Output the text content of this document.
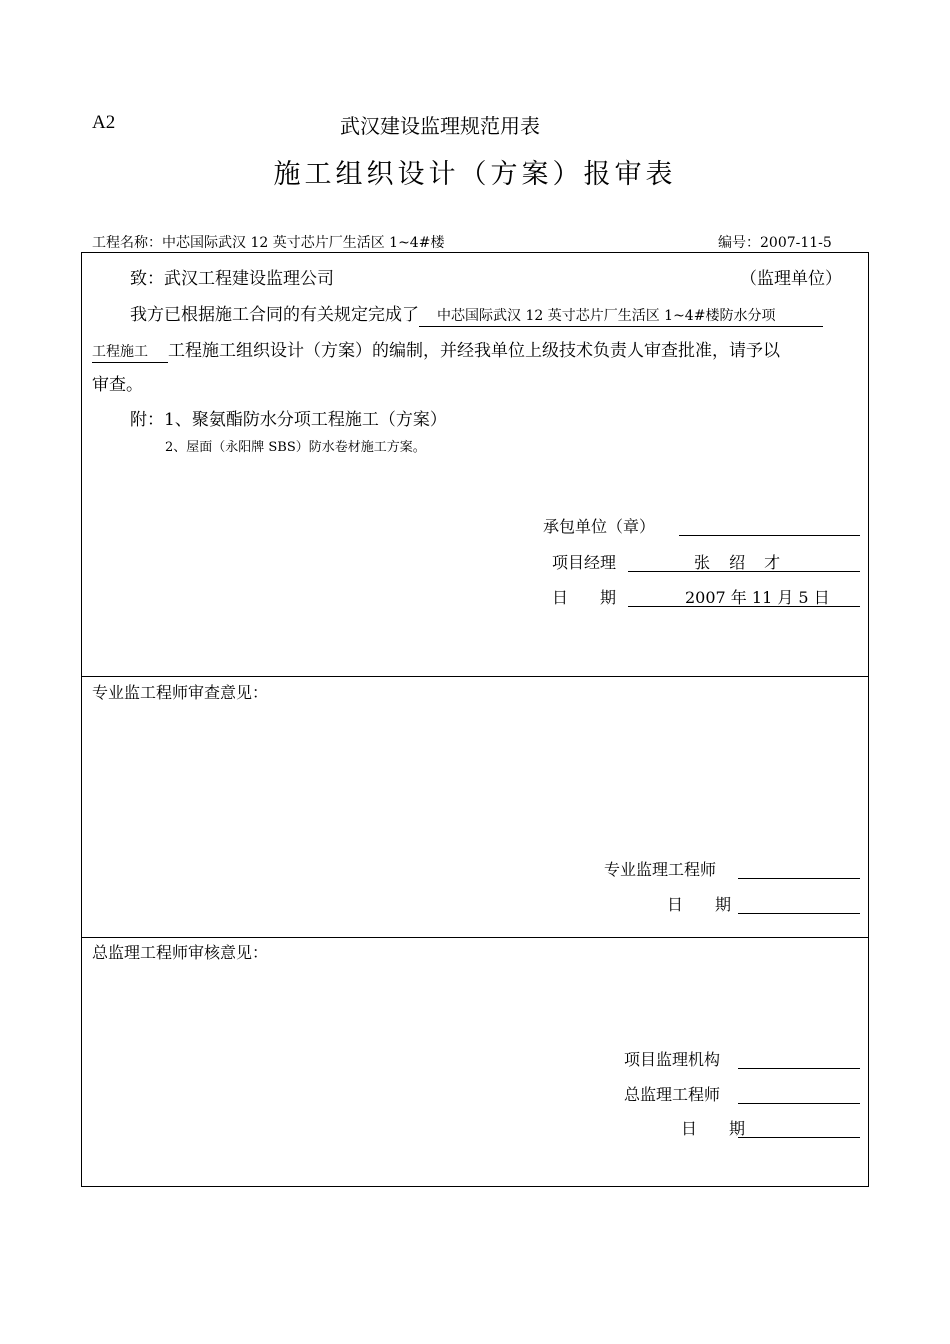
A2	武汉建设监理规范用表
施工组织设计（方案）报审表
工程名称：中芯国际武汉 12 英寸芯片厂生活区 1~4#楼	编号：2007-11-5
致：武汉工程建设监理公司	（监理单位）
我方已根据施工合同的有关规定完成了 中芯国际武汉 12 英寸芯片厂生活区 1~4#楼防水分项
工程施工 工程施工组织设计（方案）的编制，并经我单位上级技术负责人审查批准，请予以
审查。
附：1、聚氨酯防水分项工程施工（方案）
2、屋面（永阳牌 SBS）防水卷材施工方案。
承包单位（章）
项目经理	张 绍 才
日　　期	2007 年 11 月 5 日
专业监工程师审查意见：
专业监理工程师
日　　期
总监理工程师审核意见：
项目监理机构
总监理工程师
日　　期
